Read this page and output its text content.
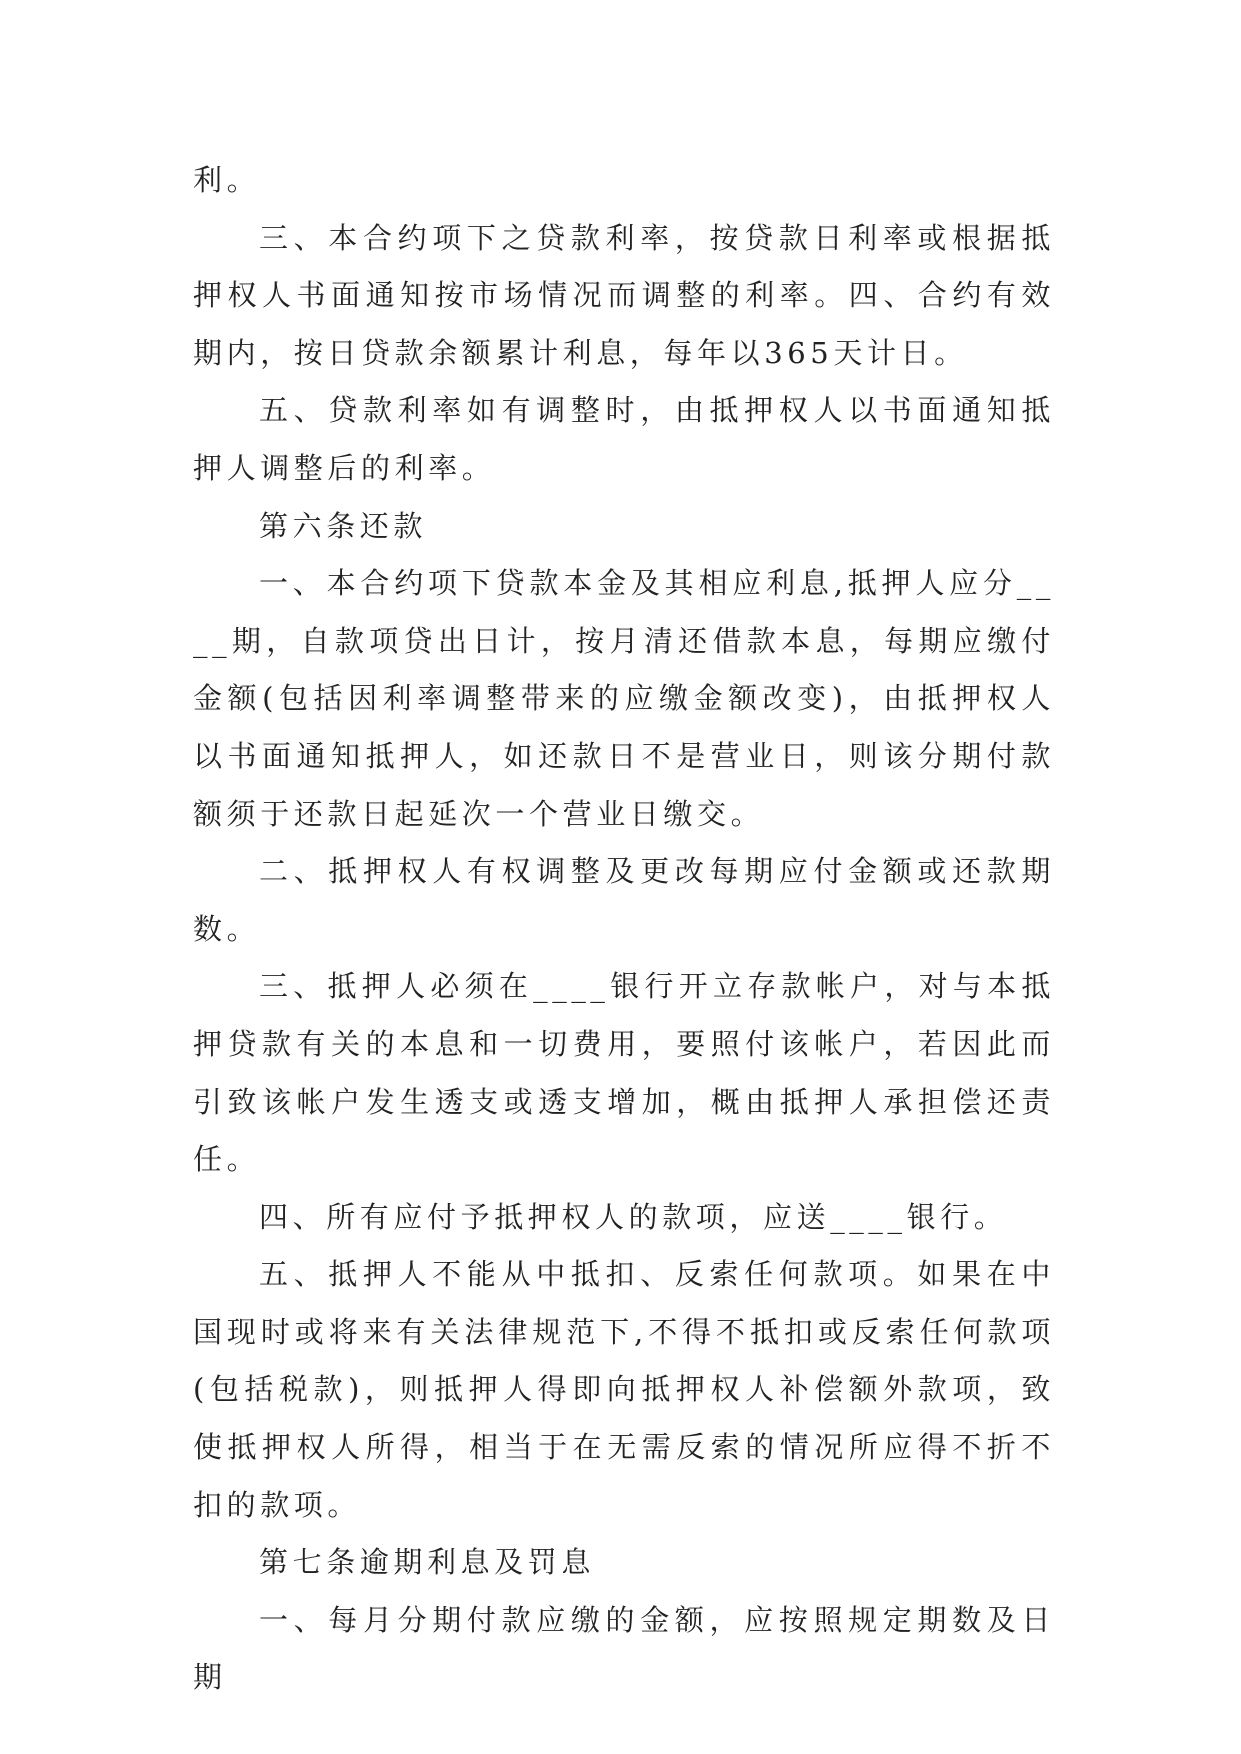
利。

三、本合约项下之贷款利率，按贷款日利率或根据抵押权人书面通知按市场情况而调整的利率。四、合约有效期内，按日贷款余额累计利息，每年以365天计日。

五、贷款利率如有调整时，由抵押权人以书面通知抵押人调整后的利率。

第六条还款

一、本合约项下贷款本金及其相应利息,抵押人应分____期，自款项贷出日计，按月清还借款本息，每期应缴付金额(包括因利率调整带来的应缴金额改变)，由抵押权人以书面通知抵押人，如还款日不是营业日，则该分期付款额须于还款日起延次一个营业日缴交。

二、抵押权人有权调整及更改每期应付金额或还款期数。

三、抵押人必须在____银行开立存款帐户，对与本抵押贷款有关的本息和一切费用，要照付该帐户，若因此而引致该帐户发生透支或透支增加，概由抵押人承担偿还责任。

四、所有应付予抵押权人的款项，应送____银行。

五、抵押人不能从中抵扣、反索任何款项。如果在中国现时或将来有关法律规范下,不得不抵扣或反索任何款项(包括税款)，则抵押人得即向抵押权人补偿额外款项，致使抵押权人所得，相当于在无需反索的情况所应得不折不扣的款项。

第七条逾期利息及罚息

一、每月分期付款应缴的金额，应按照规定期数及日期
